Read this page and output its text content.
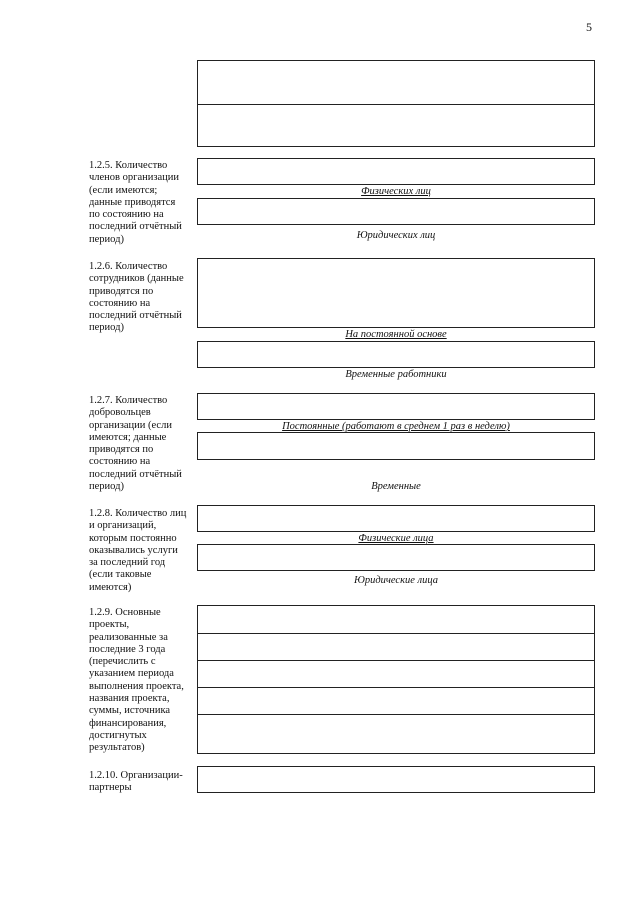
5
1.2.5. Количество
членов организации
(если имеются;
данные приводятся
по состоянию на
последний отчётный
период)
Физических лиц
Юридических лиц
1.2.6. Количество
сотрудников (данные
приводятся по
состоянию на
последний отчётный
период)
На постоянной основе
Временные работники
1.2.7. Количество
добровольцев
организации (если
имеются; данные
приводятся по
состоянию на
последний отчётный
период)
Постоянные (работают в среднем 1 раз в неделю)
Временные
1.2.8. Количество лиц
и организаций,
которым постоянно
оказывались услуги
за последний год
(если таковые
имеются)
Физические лица
Юридические лица
1.2.9. Основные
проекты,
реализованные за
последние 3 года
(перечислить с
указанием периода
выполнения проекта,
названия проекта,
суммы, источника
финансирования,
достигнутых
результатов)
1.2.10. Организации-
партнеры
